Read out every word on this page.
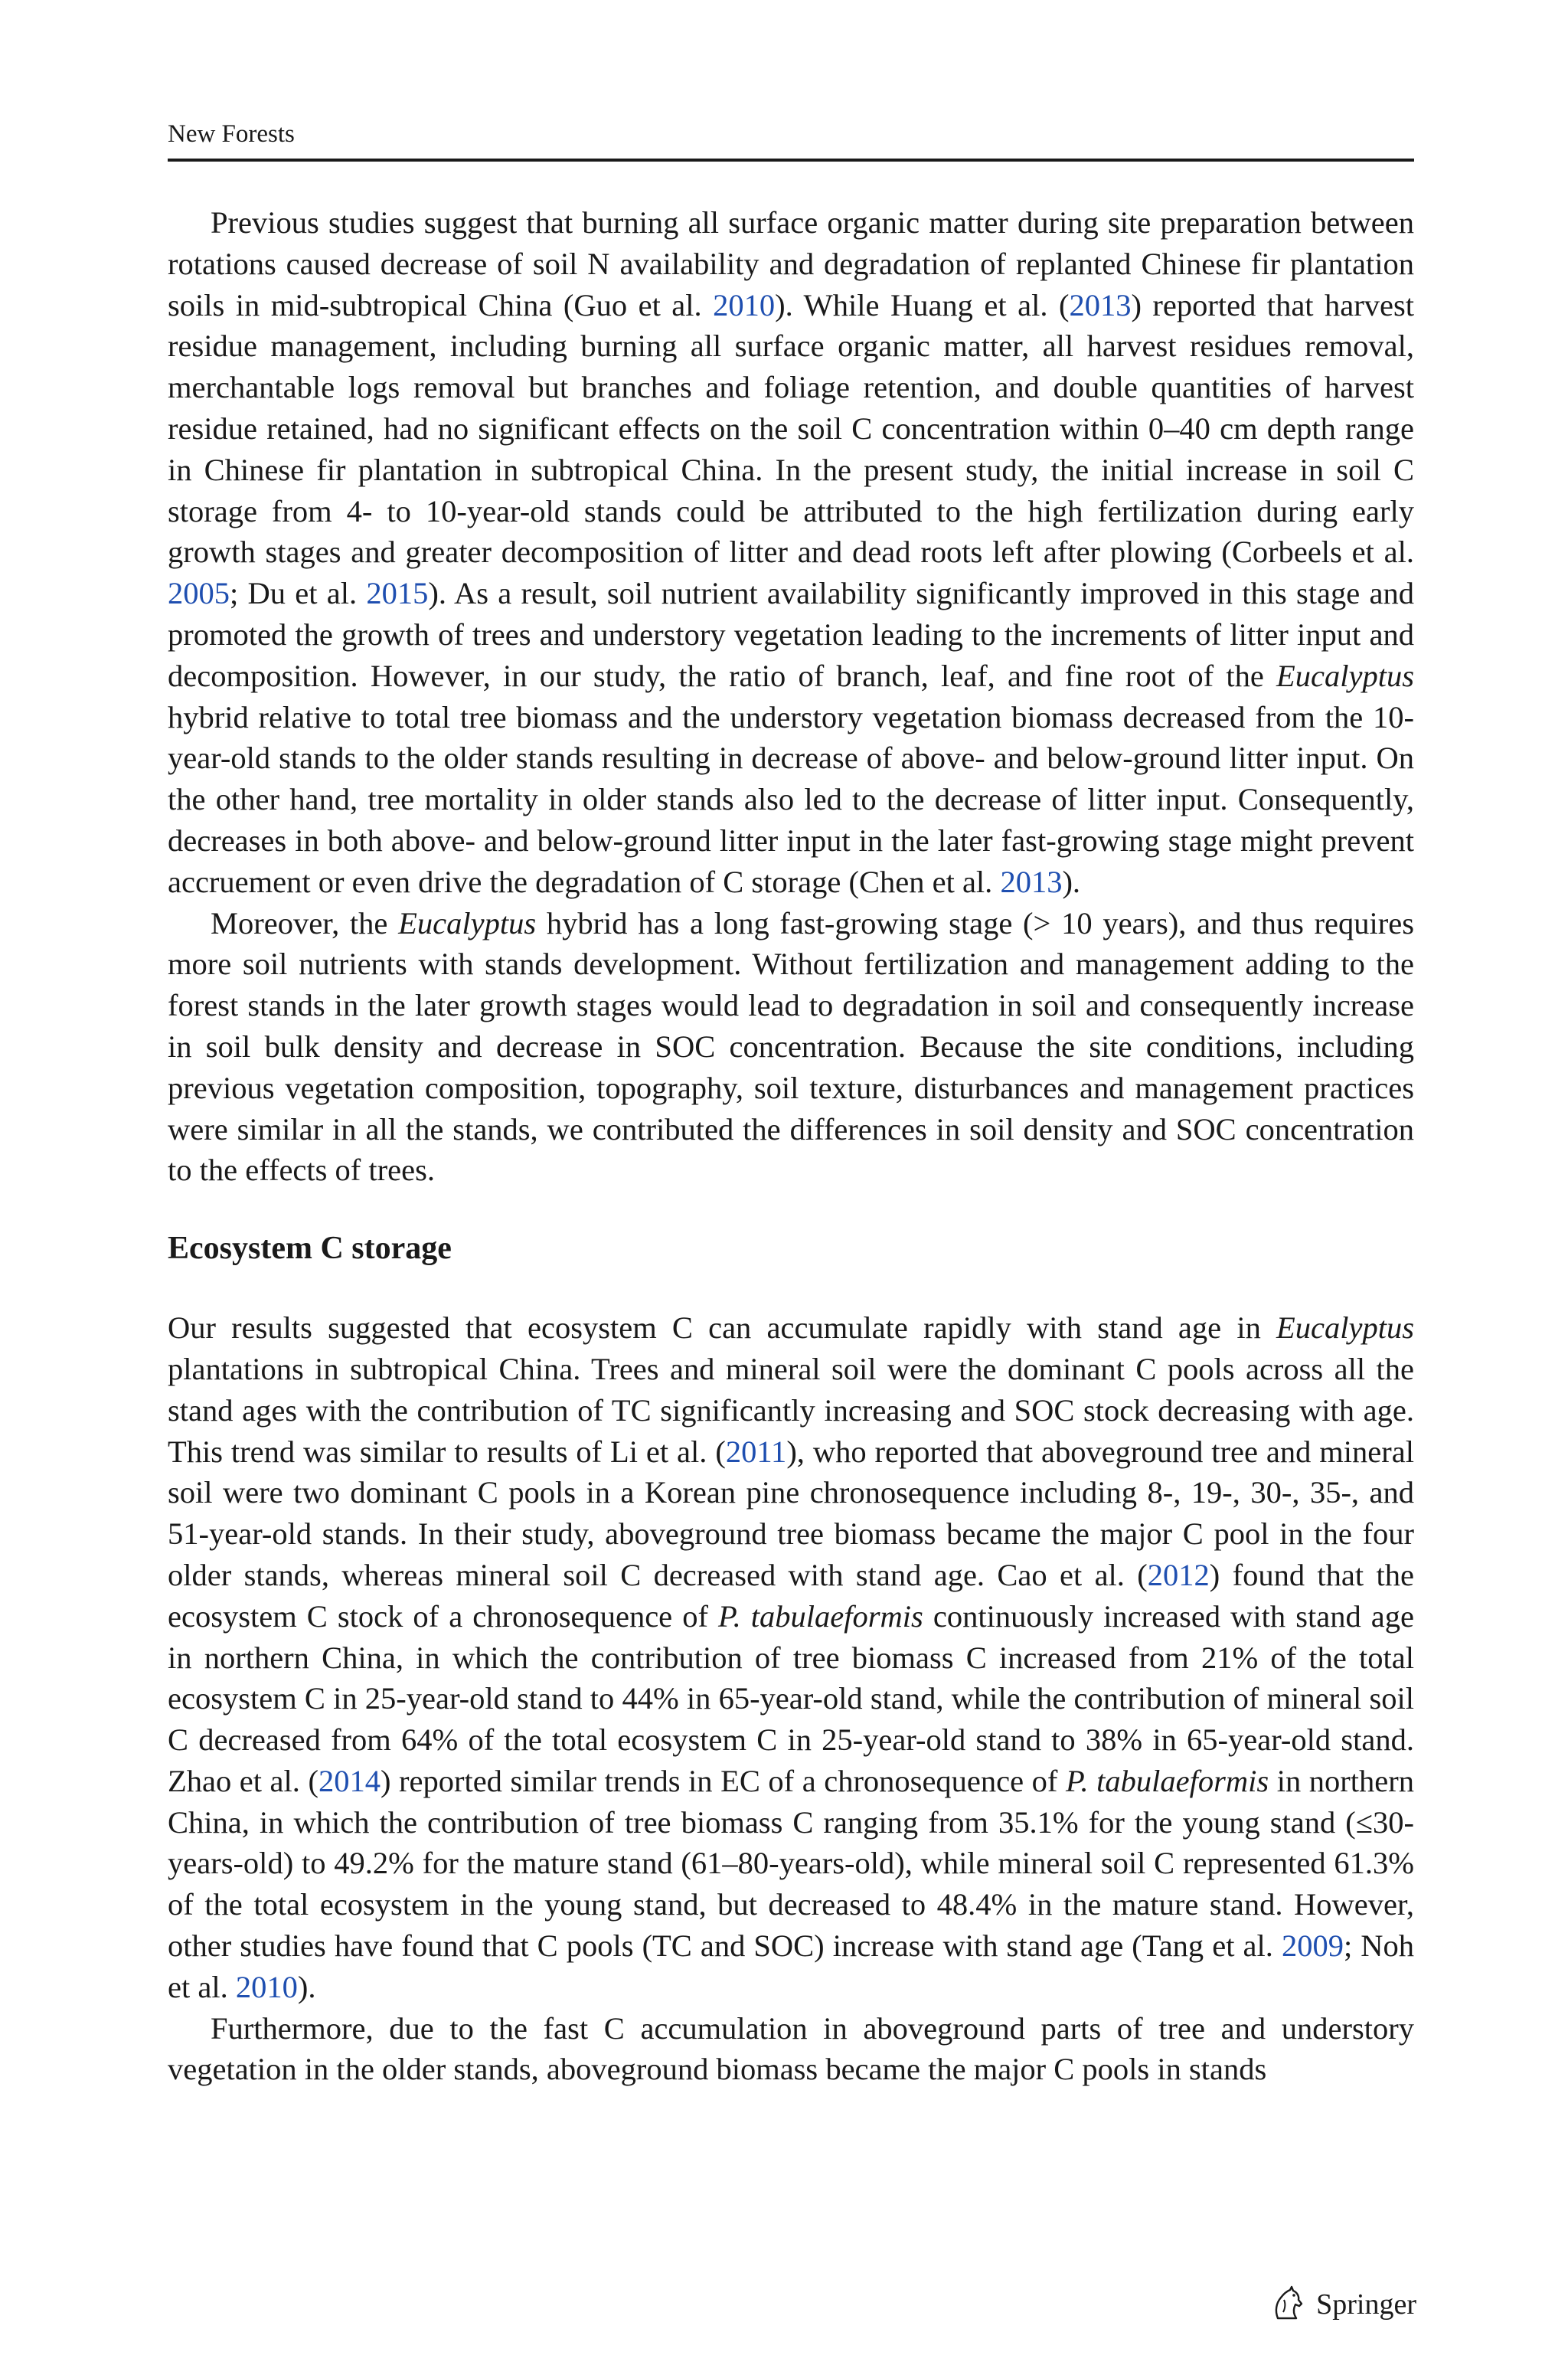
New Forests

Previous studies suggest that burning all surface organic matter during site preparation between rotations caused decrease of soil N availability and degradation of replanted Chinese fir plantation soils in mid-subtropical China (Guo et al. 2010). While Huang et al. (2013) reported that harvest residue management, including burning all surface organic matter, all harvest residues removal, merchantable logs removal but branches and foliage retention, and double quantities of harvest residue retained, had no significant effects on the soil C concentration within 0–40 cm depth range in Chinese fir plantation in subtropical China. In the present study, the initial increase in soil C storage from 4- to 10-year-old stands could be attributed to the high fertilization during early growth stages and greater decomposition of litter and dead roots left after plowing (Corbeels et al. 2005; Du et al. 2015). As a result, soil nutrient availability significantly improved in this stage and promoted the growth of trees and understory vegetation leading to the increments of litter input and decomposition. However, in our study, the ratio of branch, leaf, and fine root of the Eucalyptus hybrid relative to total tree biomass and the understory vegetation biomass decreased from the 10-year-old stands to the older stands resulting in decrease of above- and below-ground litter input. On the other hand, tree mortality in older stands also led to the decrease of litter input. Consequently, decreases in both above- and below-ground litter input in the later fast-growing stage might prevent accruement or even drive the degradation of C storage (Chen et al. 2013).

Moreover, the Eucalyptus hybrid has a long fast-growing stage (> 10 years), and thus requires more soil nutrients with stands development. Without fertilization and management adding to the forest stands in the later growth stages would lead to degradation in soil and consequently increase in soil bulk density and decrease in SOC concentration. Because the site conditions, including previous vegetation composition, topography, soil texture, disturbances and management practices were similar in all the stands, we contributed the differences in soil density and SOC concentration to the effects of trees.

Ecosystem C storage

Our results suggested that ecosystem C can accumulate rapidly with stand age in Eucalyptus plantations in subtropical China. Trees and mineral soil were the dominant C pools across all the stand ages with the contribution of TC significantly increasing and SOC stock decreasing with age. This trend was similar to results of Li et al. (2011), who reported that aboveground tree and mineral soil were two dominant C pools in a Korean pine chronosequence including 8-, 19-, 30-, 35-, and 51-year-old stands. In their study, aboveground tree biomass became the major C pool in the four older stands, whereas mineral soil C decreased with stand age. Cao et al. (2012) found that the ecosystem C stock of a chronosequence of P. tabulaeformis continuously increased with stand age in northern China, in which the contribution of tree biomass C increased from 21% of the total ecosystem C in 25-year-old stand to 44% in 65-year-old stand, while the contribution of mineral soil C decreased from 64% of the total ecosystem C in 25-year-old stand to 38% in 65-year-old stand. Zhao et al. (2014) reported similar trends in EC of a chronosequence of P. tabulaeformis in northern China, in which the contribution of tree biomass C ranging from 35.1% for the young stand (≤30-years-old) to 49.2% for the mature stand (61–80-years-old), while mineral soil C represented 61.3% of the total ecosystem in the young stand, but decreased to 48.4% in the mature stand. However, other studies have found that C pools (TC and SOC) increase with stand age (Tang et al. 2009; Noh et al. 2010).

Furthermore, due to the fast C accumulation in aboveground parts of tree and understory vegetation in the older stands, aboveground biomass became the major C pools in stands

Springer
